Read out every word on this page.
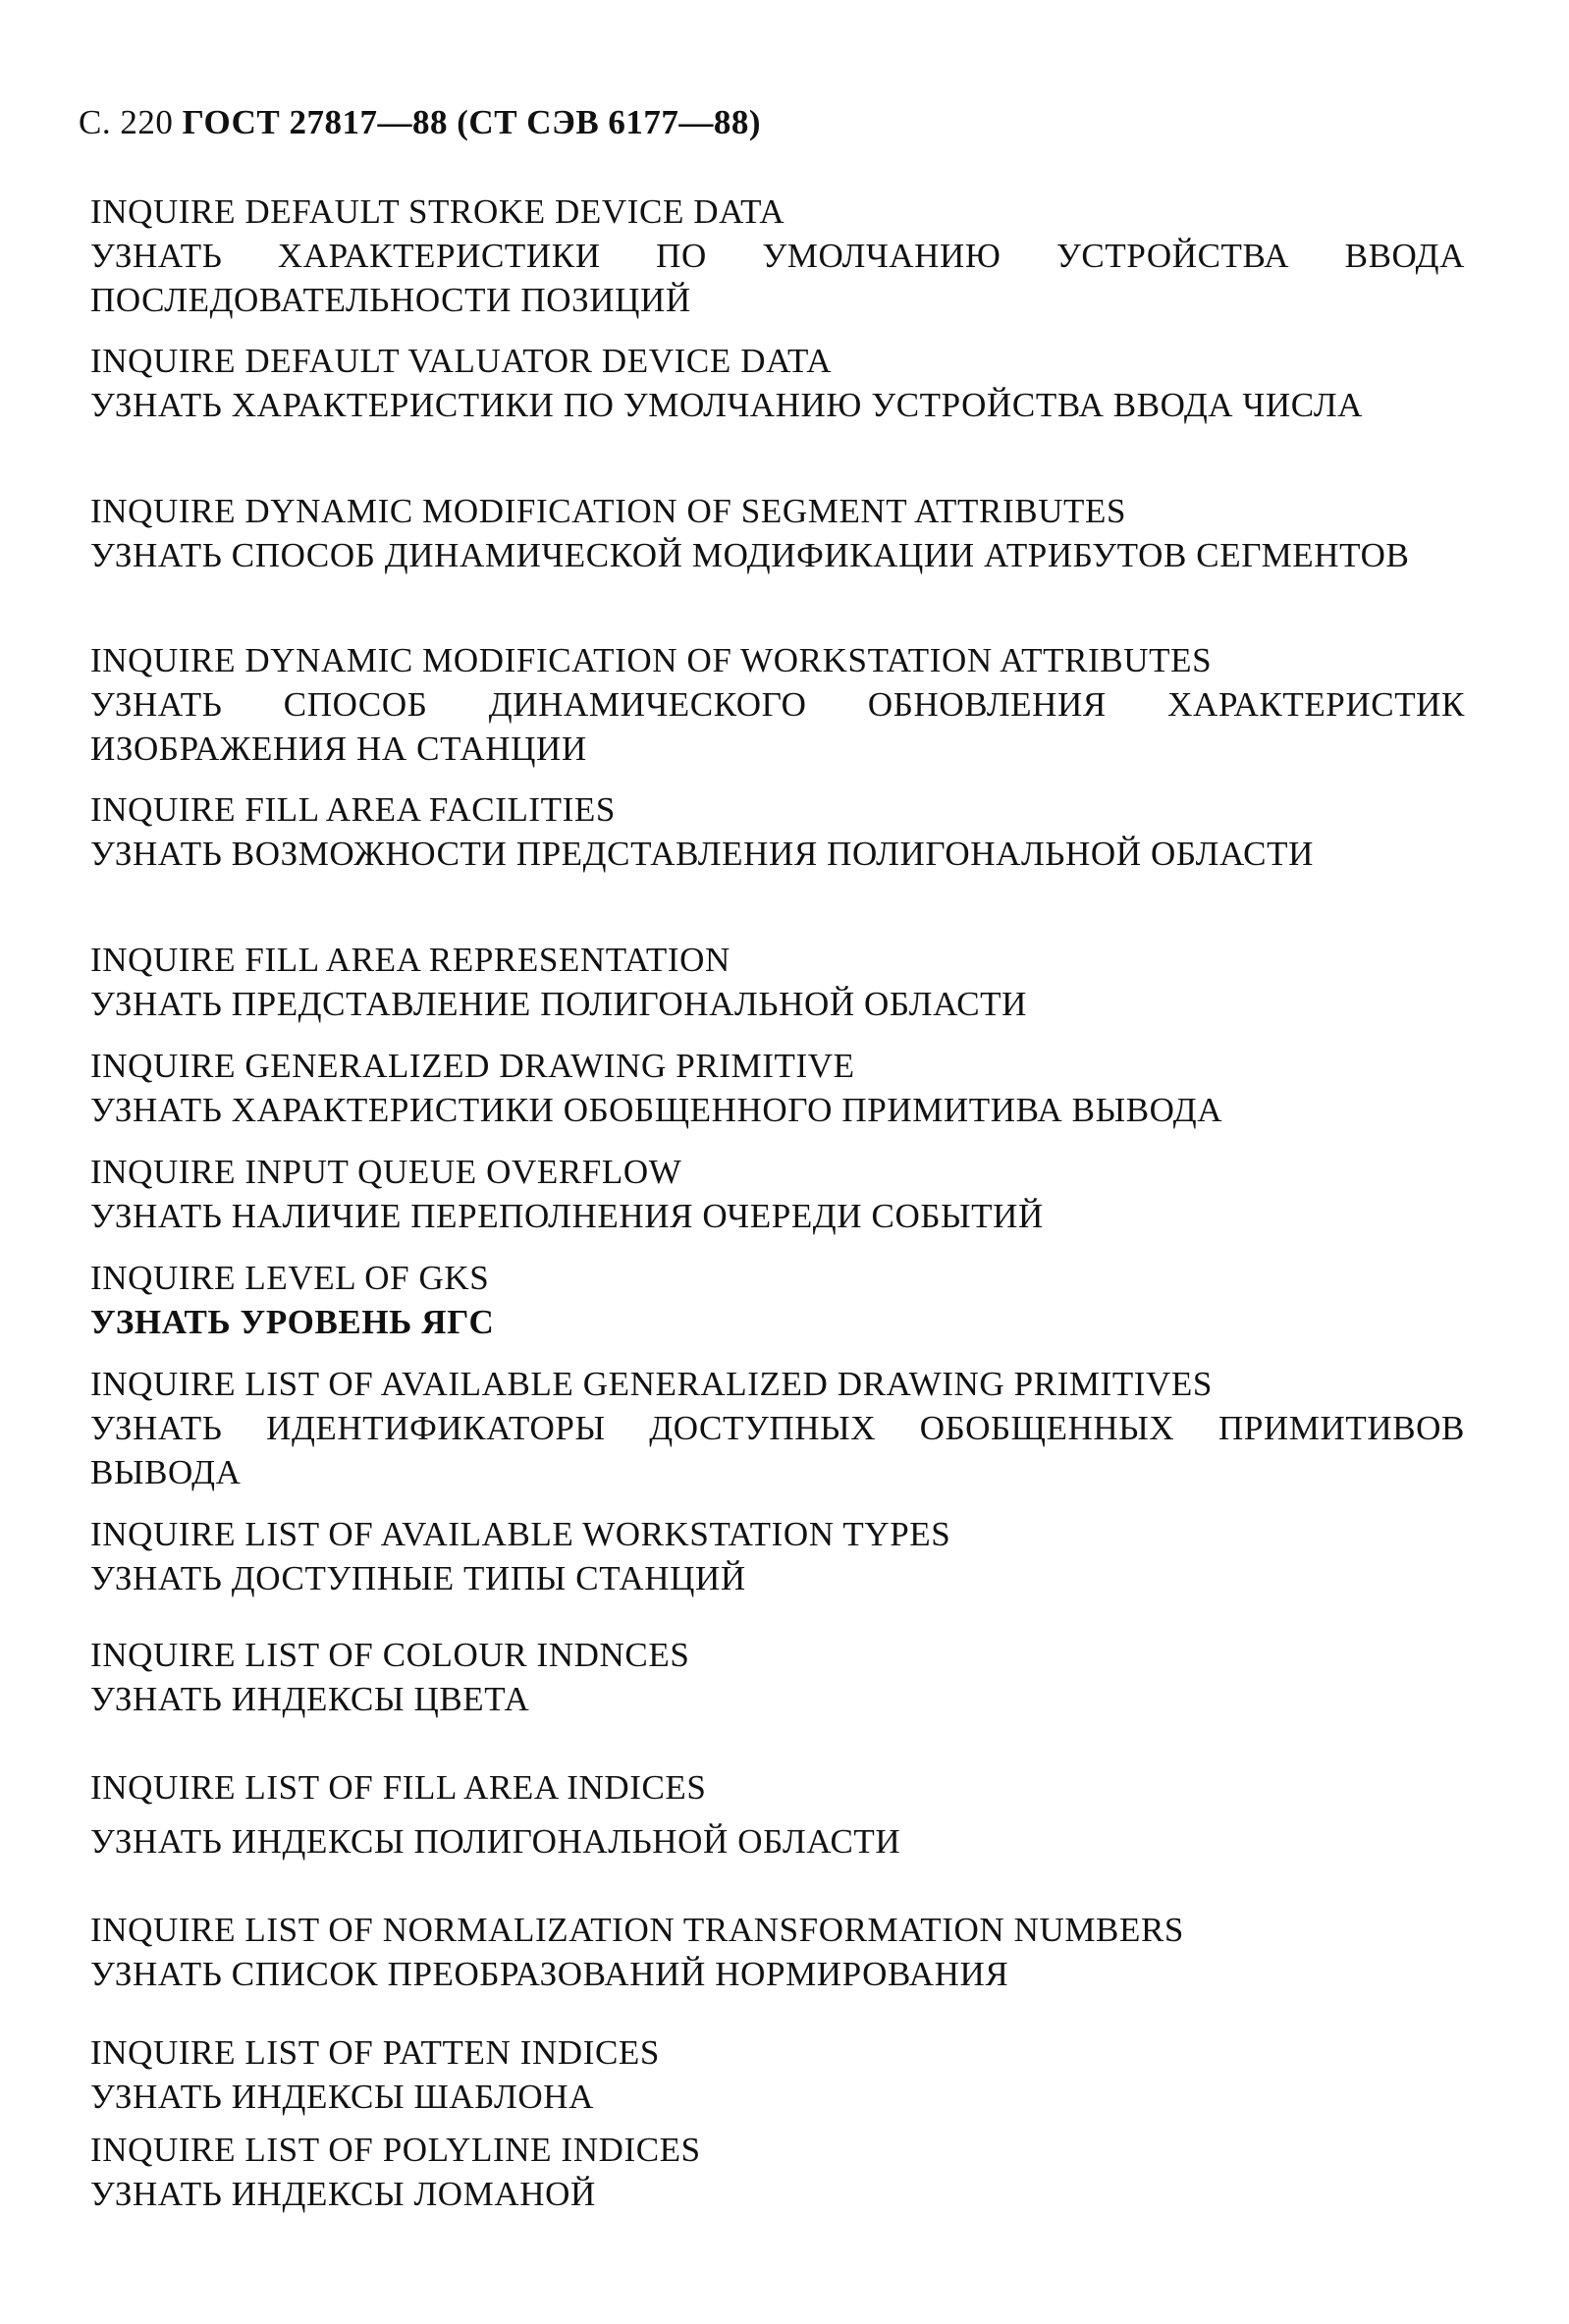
С. 220 ГОСТ 27817—88 (СТ СЭВ 6177—88)
INQUIRE DEFAULT STROKE DEVICE DATA
УЗНАТЬ ХАРАКТЕРИСТИКИ ПО УМОЛЧАНИЮ УСТРОЙСТВА ВВОДА ПОСЛЕДОВАТЕЛЬНОСТИ ПОЗИЦИЙ
INQUIRE DEFAULT VALUATOR DEVICE DATA
УЗНАТЬ ХАРАКТЕРИСТИКИ ПО УМОЛЧАНИЮ УСТРОЙСТВА ВВОДА ЧИСЛА
INQUIRE DYNAMIC MODIFICATION OF SEGMENT ATTRIBUTES
УЗНАТЬ СПОСОБ ДИНАМИЧЕСКОЙ МОДИФИКАЦИИ АТРИБУТОВ СЕГМЕНТОВ
INQUIRE DYNAMIC MODIFICATION OF WORKSTATION ATTRIBUTES
УЗНАТЬ СПОСОБ ДИНАМИЧЕСКОГО ОБНОВЛЕНИЯ ХАРАКТЕРИСТИК ИЗОБРАЖЕНИЯ НА СТАНЦИИ
INQUIRE FILL AREA FACILITIES
УЗНАТЬ ВОЗМОЖНОСТИ ПРЕДСТАВЛЕНИЯ ПОЛИГОНАЛЬНОЙ ОБЛАСТИ
INQUIRE FILL AREA REPRESENTATION
УЗНАТЬ ПРЕДСТАВЛЕНИЕ ПОЛИГОНАЛЬНОЙ ОБЛАСТИ
INQUIRE GENERALIZED DRAWING PRIMITIVE
УЗНАТЬ ХАРАКТЕРИСТИКИ ОБОБЩЕННОГО ПРИМИТИВА ВЫВОДА
INQUIRE INPUT QUEUE OVERFLOW
УЗНАТЬ НАЛИЧИЕ ПЕРЕПОЛНЕНИЯ ОЧЕРЕДИ СОБЫТИЙ
INQUIRE LEVEL OF GKS
УЗНАТЬ УРОВЕНЬ ЯГС
INQUIRE LIST OF AVAILABLE GENERALIZED DRAWING PRIMITIVES
УЗНАТЬ ИДЕНТИФИКАТОРЫ ДОСТУПНЫХ ОБОБЩЕННЫХ ПРИМИТИВОВ ВЫВОДА
INQUIRE LIST OF AVAILABLE WORKSTATION TYPES
УЗНАТЬ ДОСТУПНЫЕ ТИПЫ СТАНЦИЙ
INQUIRE LIST OF COLOUR INDNCES
УЗНАТЬ ИНДЕКСЫ ЦВЕТА
INQUIRE LIST OF FILL AREA INDICES
УЗНАТЬ ИНДЕКСЫ ПОЛИГОНАЛЬНОЙ ОБЛАСТИ
INQUIRE LIST OF NORMALIZATION TRANSFORMATION NUMBERS
УЗНАТЬ СПИСОК ПРЕОБРАЗОВАНИЙ НОРМИРОВАНИЯ
INQUIRE LIST OF PATTEN INDICES
УЗНАТЬ ИНДЕКСЫ ШАБЛОНА
INQUIRE LIST OF POLYLINE INDICES
УЗНАТЬ ИНДЕКСЫ ЛОМАНОЙ
